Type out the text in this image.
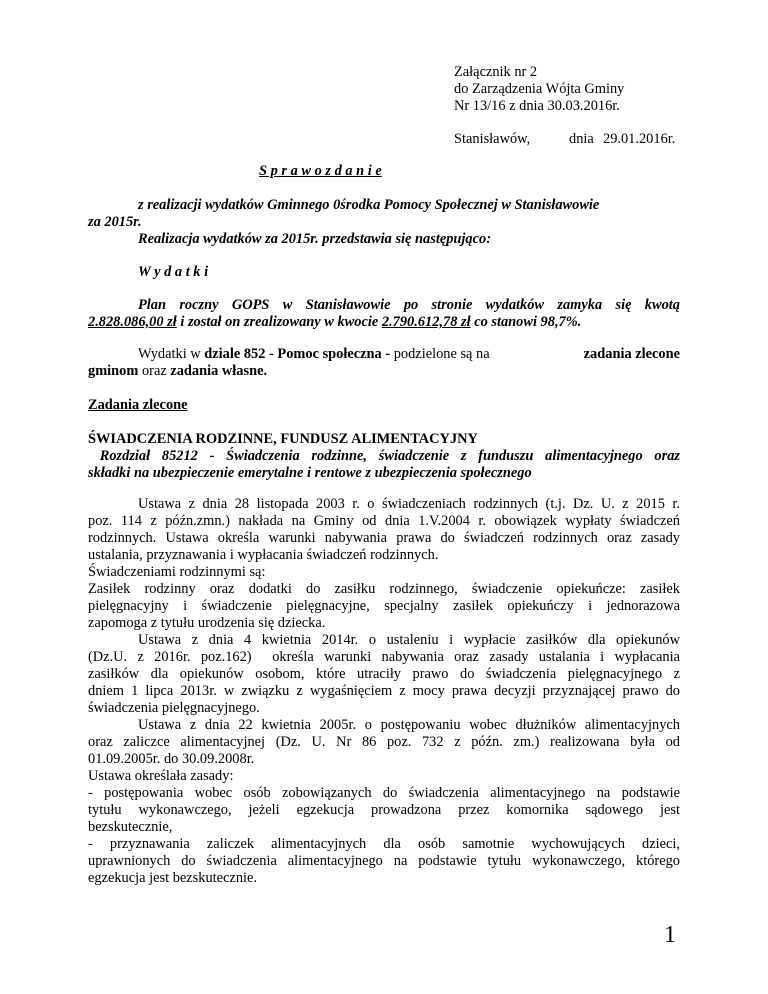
Załącznik nr 2
do Zarządzenia Wójta Gminy
Nr 13/16 z dnia 30.03.2016r.
Stanisławów,	dnia 29.01.2016r.
S p r a w o z d a n i e
z realizacji wydatków Gminnego 0środka Pomocy Społecznej w Stanisławowie
za 2015r.
Realizacja wydatków za 2015r. przedstawia się następująco:
W y d a t k i
Plan roczny GOPS w Stanisławowie po stronie wydatków zamyka się kwotą
2.828.086,00 zł i został on zrealizowany w kwocie 2.790.612,78 zł co stanowi 98,7%.
Wydatki w dziale 852 - Pomoc społeczna - podzielone są na	zadania zlecone
gminom oraz zadania własne.
Zadania zlecone
ŚWIADCZENIA RODZINNE, FUNDUSZ ALIMENTACYJNY
Rozdział 85212 - Świadczenia rodzinne, świadczenie z funduszu alimentacyjnego oraz
składki na ubezpieczenie emerytalne i rentowe z ubezpieczenia społecznego
Ustawa z dnia 28 listopada 2003 r. o świadczeniach rodzinnych (t.j. Dz. U. z 2015 r.
poz. 114 z późn.zmn.) nakłada na Gminy od dnia 1.V.2004 r. obowiązek wypłaty świadczeń
rodzinnych. Ustawa określa warunki nabywania prawa do świadczeń rodzinnych oraz zasady
ustalania, przyznawania i wypłacania świadczeń rodzinnych.
Świadczeniami rodzinnymi są:
Zasiłek rodzinny oraz dodatki do zasiłku rodzinnego, świadczenie opiekuńcze: zasiłek
pielęgnacyjny i świadczenie pielęgnacyjne, specjalny zasiłek opiekuńczy i jednorazowa
zapomoga z tytułu urodzenia się dziecka.
Ustawa z dnia 4 kwietnia 2014r. o ustaleniu i wypłacie zasiłków dla opiekunów
(Dz.U. z 2016r. poz.162)  określa warunki nabywania oraz zasady ustalania i wypłacania
zasiłków dla opiekunów osobom, które utraciły prawo do świadczenia pielęgnacyjnego z
dniem 1 lipca 2013r. w związku z wygaśnięciem z mocy prawa decyzji przyznającej prawo do
świadczenia pielęgnacyjnego.
Ustawa z dnia 22 kwietnia 2005r. o postępowaniu wobec dłużników alimentacyjnych
oraz zaliczce alimentacyjnej (Dz. U. Nr 86 poz. 732 z późn. zm.) realizowana była od
01.09.2005r. do 30.09.2008r.
Ustawa określała zasady:
- postępowania wobec osób zobowiązanych do świadczenia alimentacyjnego na podstawie
tytułu wykonawczego, jeżeli egzekucja prowadzona przez komornika sądowego jest
bezskutecznie,
- przyznawania zaliczek alimentacyjnych dla osób samotnie wychowujących dzieci,
uprawnionych do świadczenia alimentacyjnego na podstawie tytułu wykonawczego, którego
egzekucja jest bezskutecznie.
1
